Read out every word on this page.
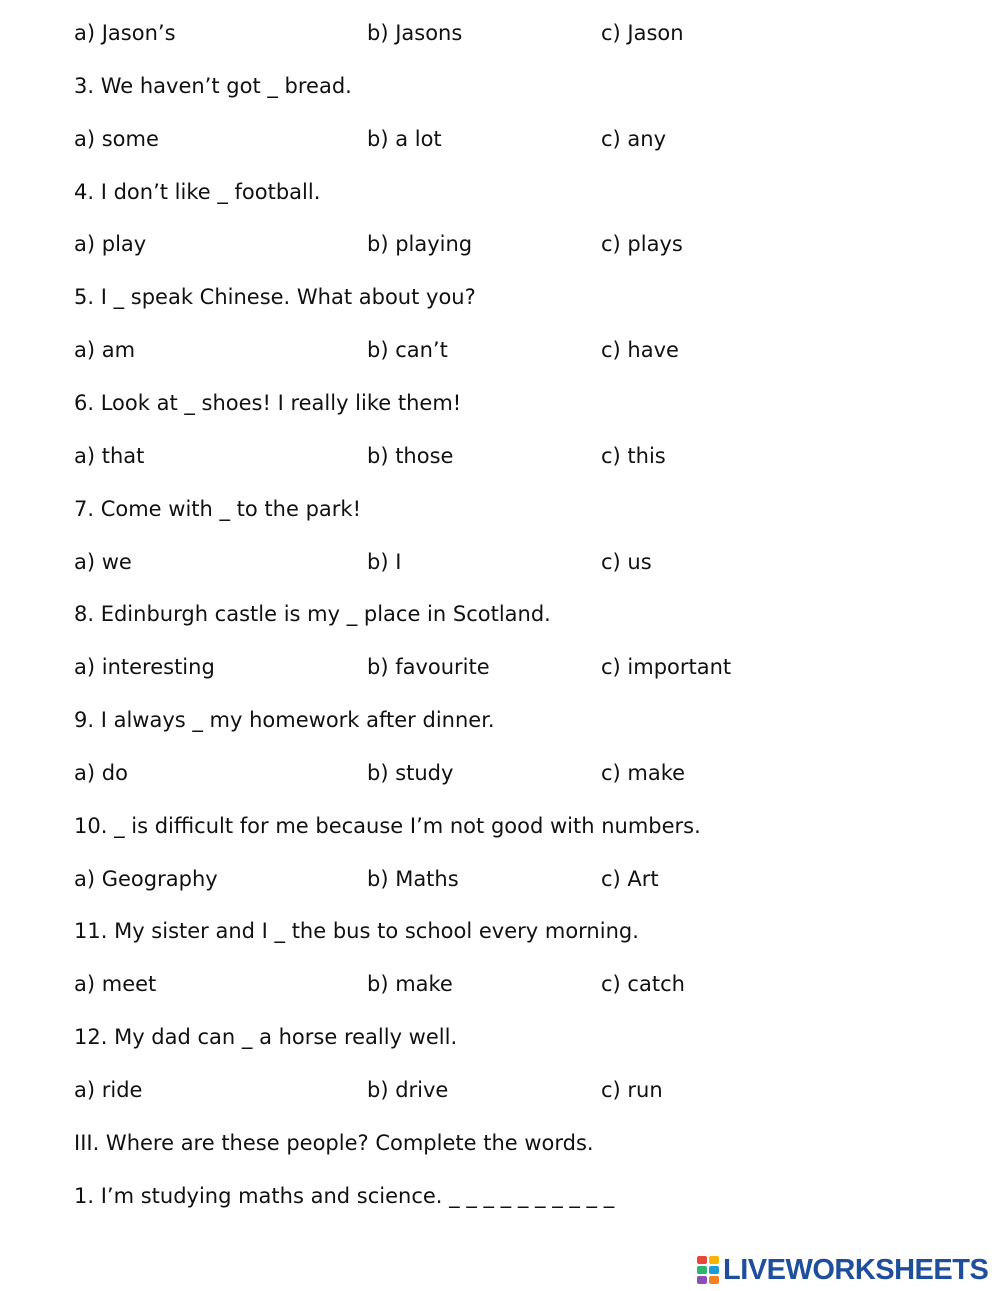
a) Jason’s	b) Jasons	c) Jason
3. We haven’t got _ bread.
a) some	b) a lot	c) any
4. I don’t like _ football.
a) play	b) playing	c) plays
5. I _ speak Chinese. What about you?
a) am	b) can’t	c) have
6. Look at _ shoes! I really like them!
a) that	b) those	c) this
7. Come with _ to the park!
a) we	b) I	c) us
8. Edinburgh castle is my _ place in Scotland.
a) interesting	b) favourite	c) important
9. I always _ my homework after dinner.
a) do	b) study	c) make
10. _ is difficult for me because I’m not good with numbers.
a) Geography	b) Maths	c) Art
11. My sister and I _ the bus to school every morning.
a) meet	b) make	c) catch
12. My dad can _ a horse really well.
a) ride	b) drive	c) run
III. Where are these people? Complete the words.
1. I’m studying maths and science. _ _ _ _ _ _ _ _ _ _
LIVEWORKSHEETS
